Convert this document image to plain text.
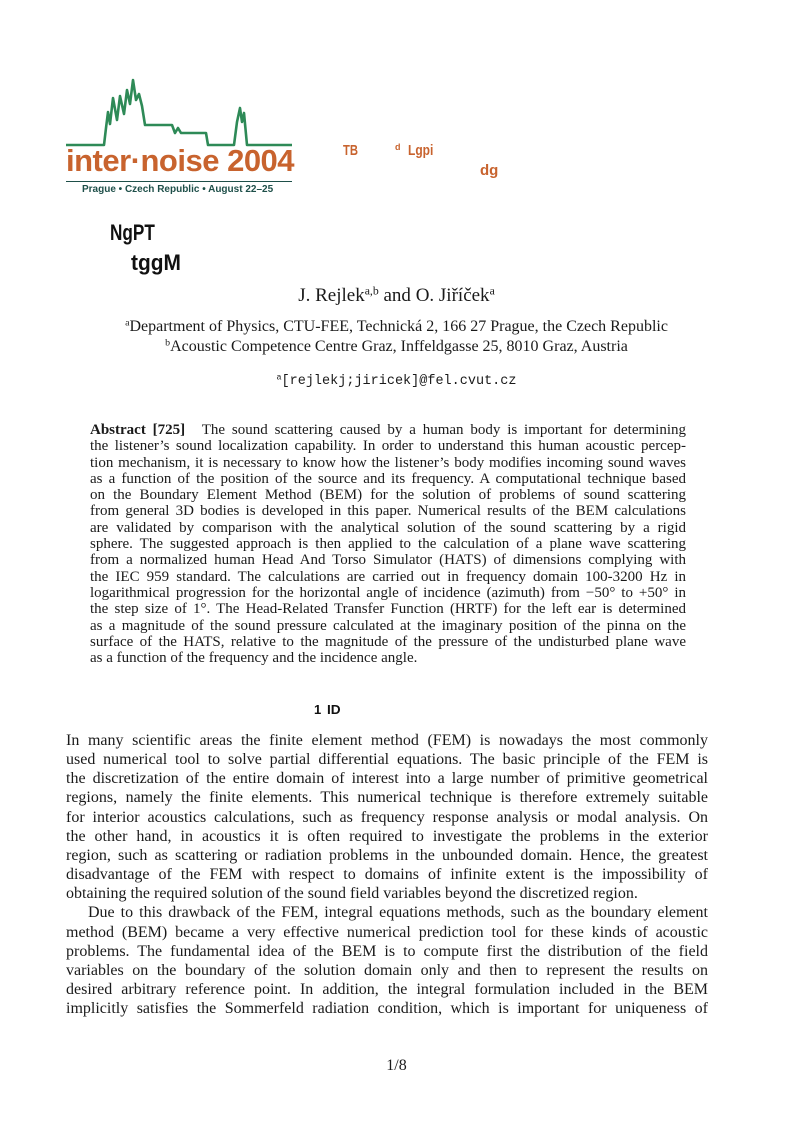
inter·noise 2004
Prague • Czech Republic • August 22–25
TB	d Lgpi
dg
NgPT
tggM
J. Rejlek$^{a,b}$ and O. Jiříček$^a$
$^a$Department of Physics, CTU-FEE, Technická 2, 166 27 Prague, the Czech Republic
$^b$Acoustic Competence Centre Graz, Inffeldgasse 25, 8010 Graz, Austria
$^a$[rejlekj;jiricek]@fel.cvut.cz
Abstract [725] The sound scattering caused by a human body is important for determining
the listener’s sound localization capability. In order to understand this human acoustic percep-
tion mechanism, it is necessary to know how the listener’s body modifies incoming sound waves
as a function of the position of the source and its frequency. A computational technique based
on the Boundary Element Method (BEM) for the solution of problems of sound scattering
from general 3D bodies is developed in this paper. Numerical results of the BEM calculations
are validated by comparison with the analytical solution of the sound scattering by a rigid
sphere. The suggested approach is then applied to the calculation of a plane wave scattering
from a normalized human Head And Torso Simulator (HATS) of dimensions complying with
the IEC 959 standard. The calculations are carried out in frequency domain 100-3200 Hz in
logarithmical progression for the horizontal angle of incidence (azimuth) from −50° to +50° in
the step size of 1°. The Head-Related Transfer Function (HRTF) for the left ear is determined
as a magnitude of the sound pressure calculated at the imaginary position of the pinna on the
surface of the HATS, relative to the magnitude of the pressure of the undisturbed plane wave
as a function of the frequency and the incidence angle.
1 ID
In many scientific areas the finite element method (FEM) is nowadays the most commonly
used numerical tool to solve partial differential equations. The basic principle of the FEM is
the discretization of the entire domain of interest into a large number of primitive geometrical
regions, namely the finite elements. This numerical technique is therefore extremely suitable
for interior acoustics calculations, such as frequency response analysis or modal analysis. On
the other hand, in acoustics it is often required to investigate the problems in the exterior
region, such as scattering or radiation problems in the unbounded domain. Hence, the greatest
disadvantage of the FEM with respect to domains of infinite extent is the impossibility of
obtaining the required solution of the sound field variables beyond the discretized region.
Due to this drawback of the FEM, integral equations methods, such as the boundary element
method (BEM) became a very effective numerical prediction tool for these kinds of acoustic
problems. The fundamental idea of the BEM is to compute first the distribution of the field
variables on the boundary of the solution domain only and then to represent the results on
desired arbitrary reference point. In addition, the integral formulation included in the BEM
implicitly satisfies the Sommerfeld radiation condition, which is important for uniqueness of
1/8
